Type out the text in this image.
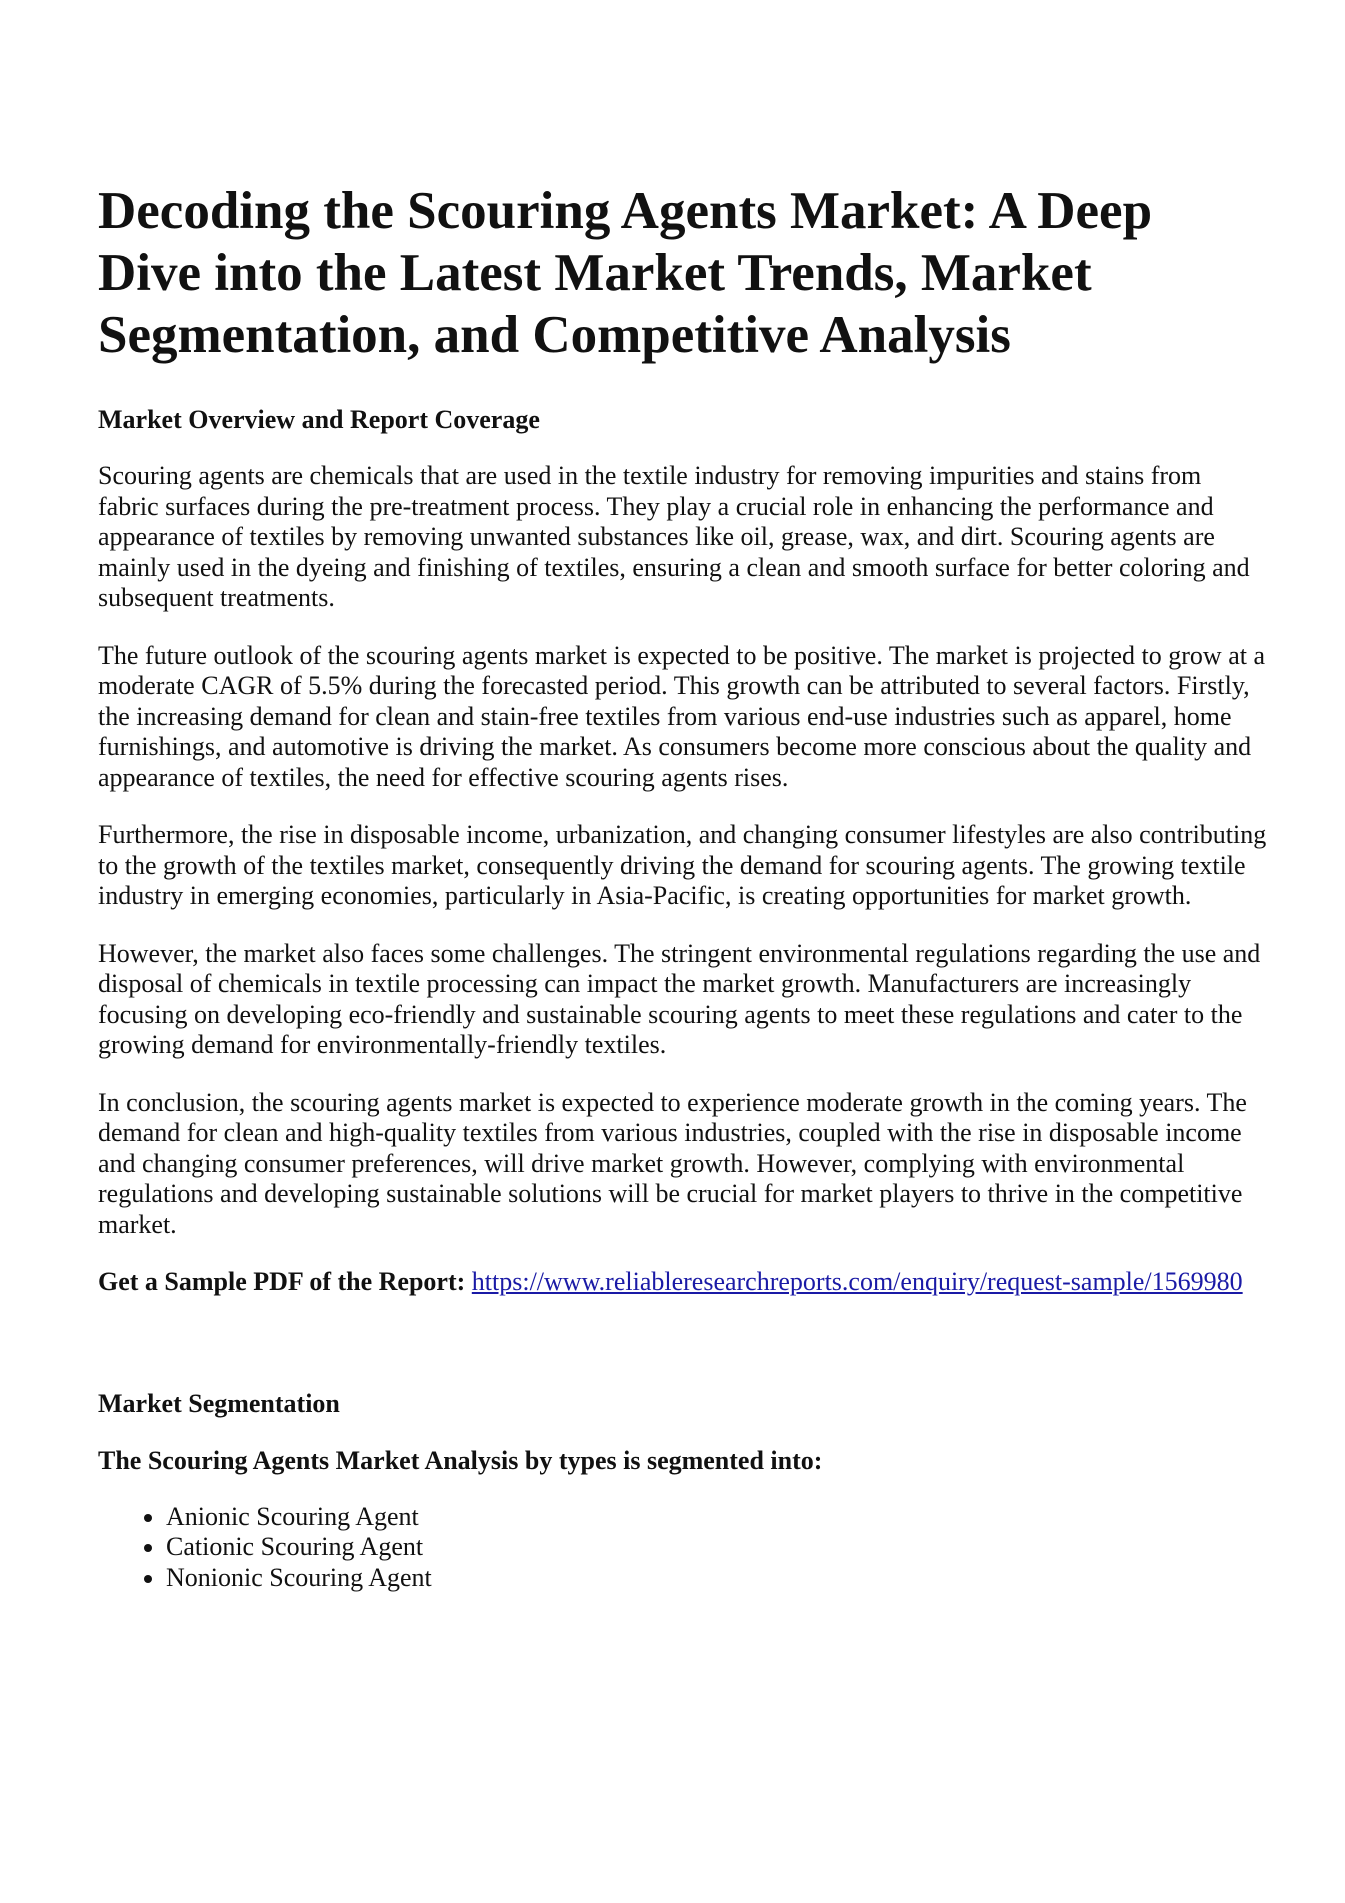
Decoding the Scouring Agents Market: A Deep Dive into the Latest Market Trends, Market Segmentation, and Competitive Analysis
Market Overview and Report Coverage

Scouring agents are chemicals that are used in the textile industry for removing impurities and stains from fabric surfaces during the pre-treatment process. They play a crucial role in enhancing the performance and appearance of textiles by removing unwanted substances like oil, grease, wax, and dirt. Scouring agents are mainly used in the dyeing and finishing of textiles, ensuring a clean and smooth surface for better coloring and subsequent treatments.

The future outlook of the scouring agents market is expected to be positive. The market is projected to grow at a moderate CAGR of 5.5% during the forecasted period. This growth can be attributed to several factors. Firstly, the increasing demand for clean and stain-free textiles from various end-use industries such as apparel, home furnishings, and automotive is driving the market. As consumers become more conscious about the quality and appearance of textiles, the need for effective scouring agents rises.

Furthermore, the rise in disposable income, urbanization, and changing consumer lifestyles are also contributing to the growth of the textiles market, consequently driving the demand for scouring agents. The growing textile industry in emerging economies, particularly in Asia-Pacific, is creating opportunities for market growth.

However, the market also faces some challenges. The stringent environmental regulations regarding the use and disposal of chemicals in textile processing can impact the market growth. Manufacturers are increasingly focusing on developing eco-friendly and sustainable scouring agents to meet these regulations and cater to the growing demand for environmentally-friendly textiles.

In conclusion, the scouring agents market is expected to experience moderate growth in the coming years. The demand for clean and high-quality textiles from various industries, coupled with the rise in disposable income and changing consumer preferences, will drive market growth. However, complying with environmental regulations and developing sustainable solutions will be crucial for market players to thrive in the competitive market.

Get a Sample PDF of the Report: https://www.reliableresearchreports.com/enquiry/request-sample/1569980

Market Segmentation
The Scouring Agents Market Analysis by types is segmented into:
• Anionic Scouring Agent
• Cationic Scouring Agent
• Nonionic Scouring Agent
